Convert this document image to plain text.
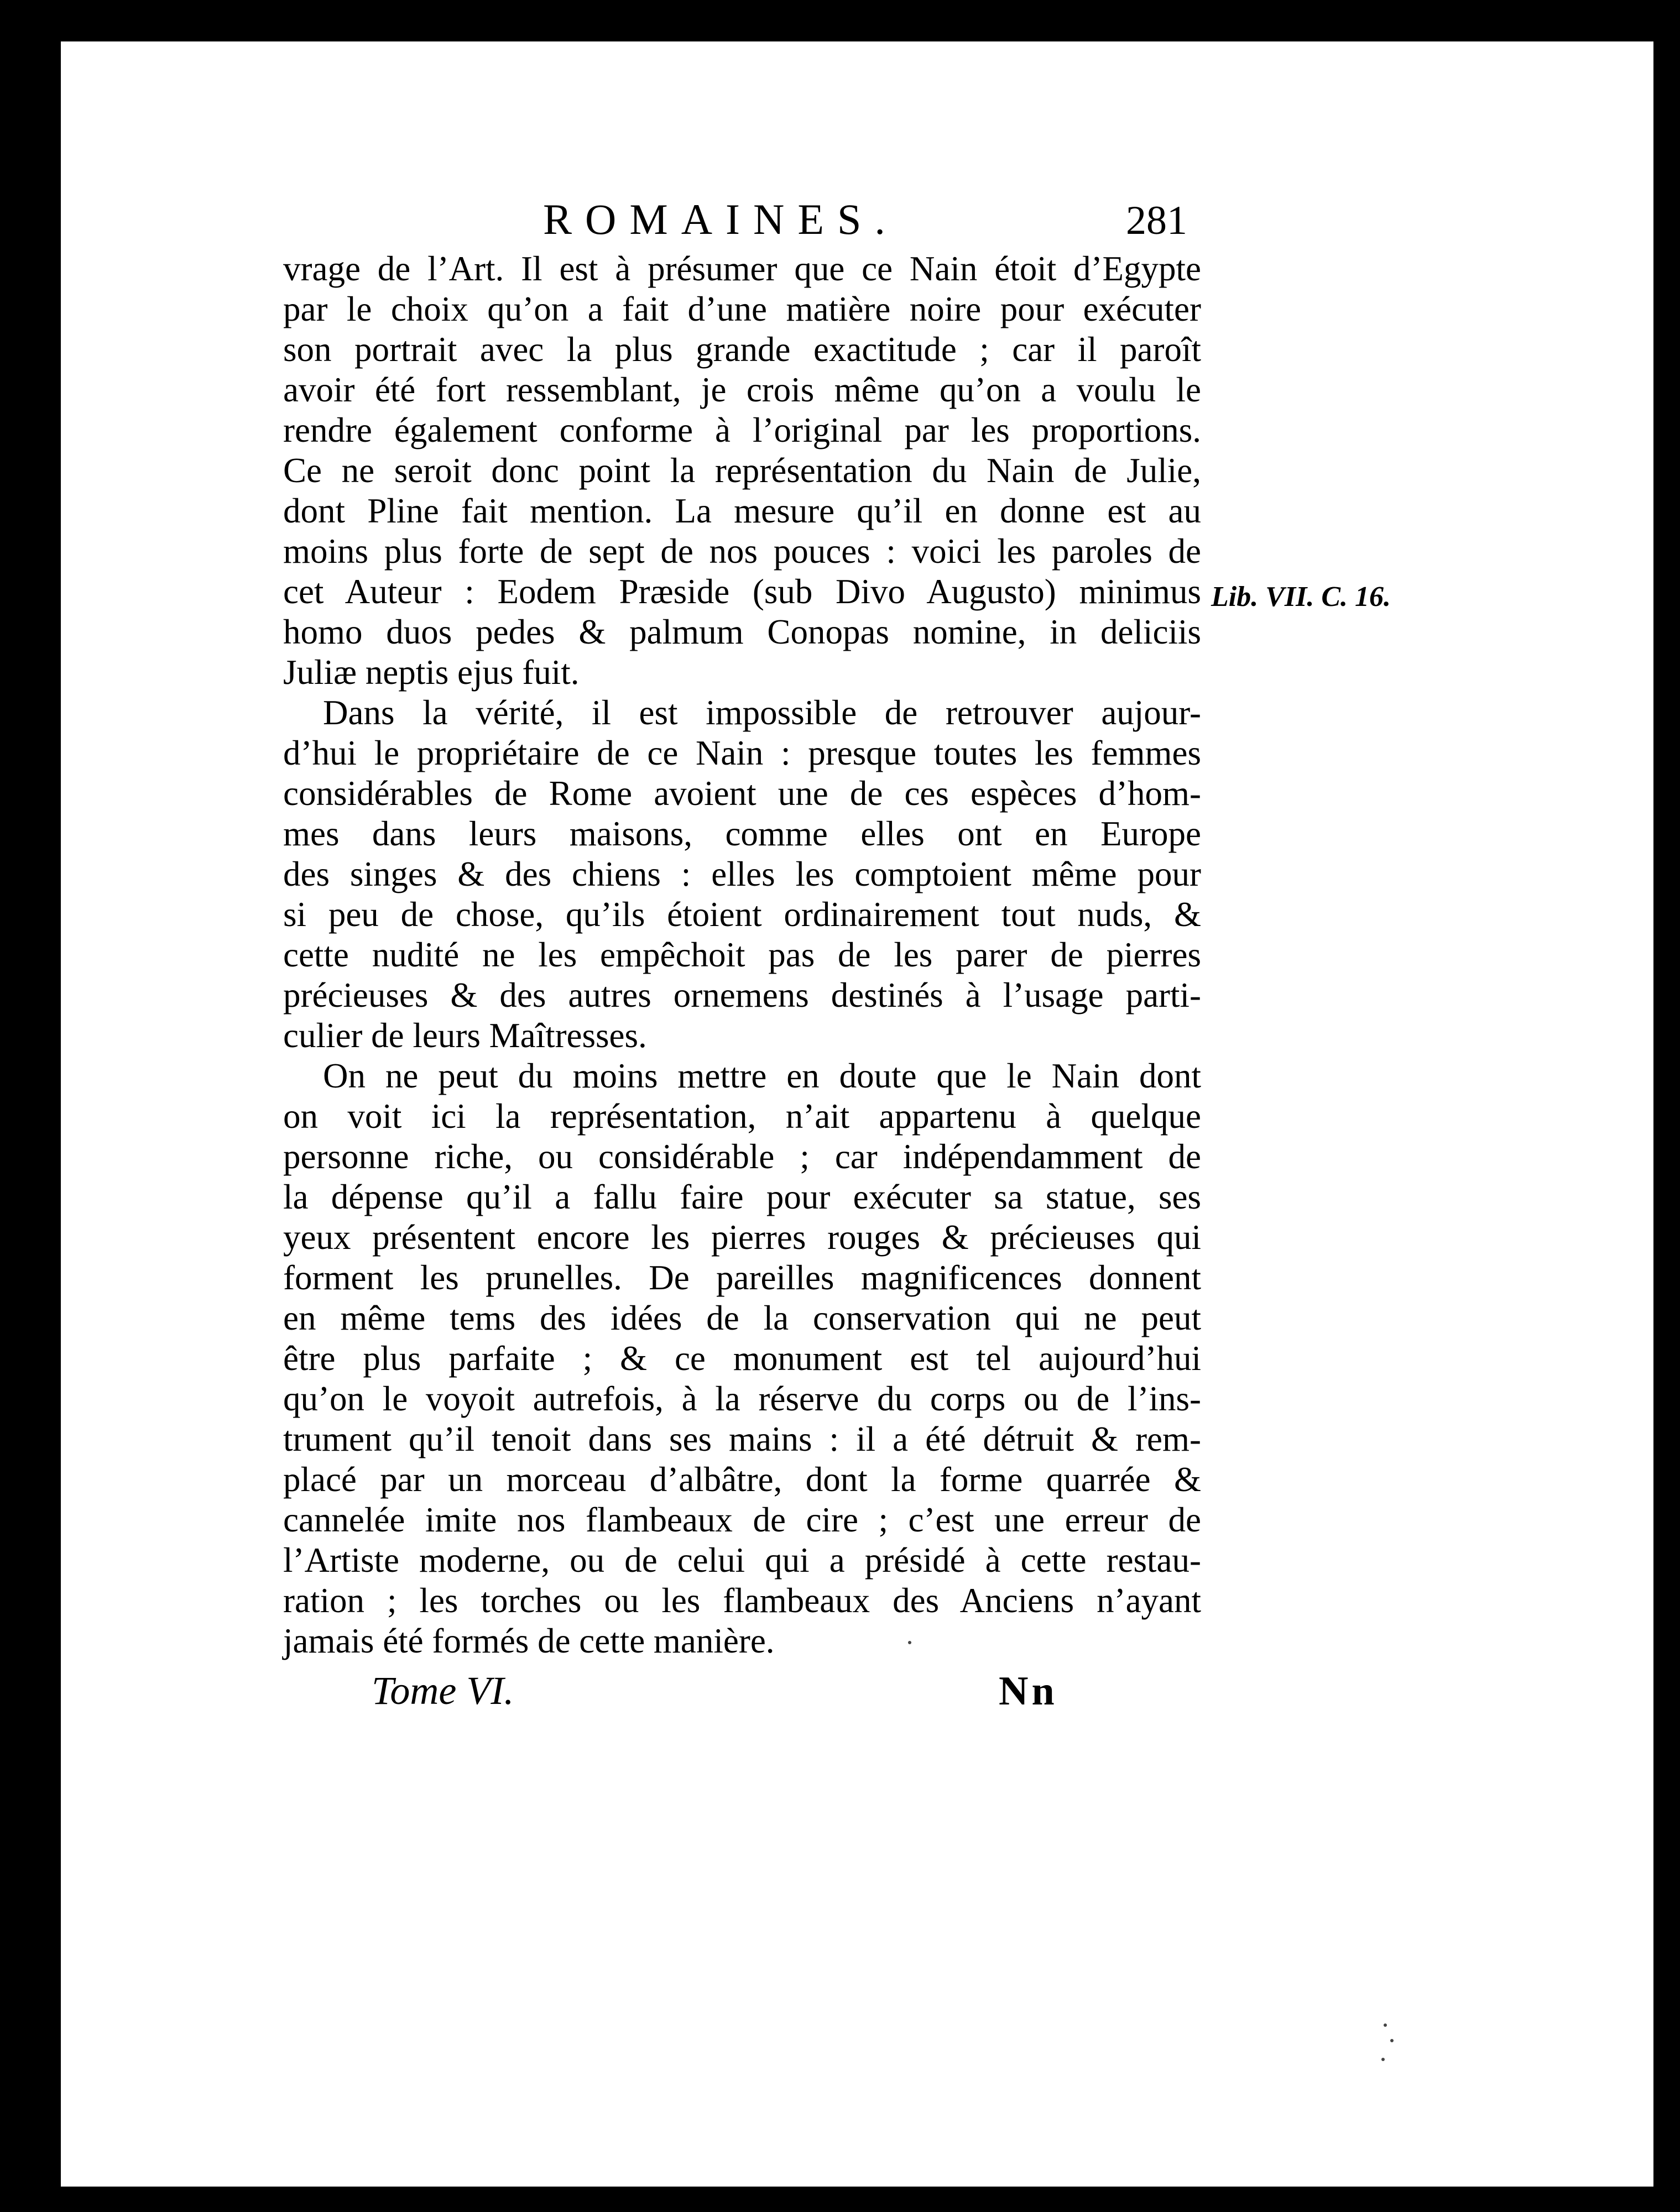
ROMAINES.	281
vrage de l’Art. Il est à présumer que ce Nain étoit d’Egypte
par le choix qu’on a fait d’une matière noire pour exécuter
son portrait avec la plus grande exactitude ; car il paroît
avoir été fort ressemblant, je crois même qu’on a voulu le
rendre également conforme à l’original par les proportions.
Ce ne seroit donc point la représentation du Nain de Julie,
dont Pline fait mention. La mesure qu’il en donne est au
moins plus forte de sept de nos pouces : voici les paroles de
cet Auteur : Eodem Præside (sub Divo Augusto) minimus
homo duos pedes & palmum Conopas nomine, in deliciis
Juliæ neptis ejus fuit.
Dans la vérité, il est impossible de retrouver aujour-
d’hui le propriétaire de ce Nain : presque toutes les femmes
considérables de Rome avoient une de ces espèces d’hom-
mes dans leurs maisons, comme elles ont en Europe
des singes & des chiens : elles les comptoient même pour
si peu de chose, qu’ils étoient ordinairement tout nuds, &
cette nudité ne les empêchoit pas de les parer de pierres
précieuses & des autres ornemens destinés à l’usage parti-
culier de leurs Maîtresses.
On ne peut du moins mettre en doute que le Nain dont
on voit ici la représentation, n’ait appartenu à quelque
personne riche, ou considérable ; car indépendamment de
la dépense qu’il a fallu faire pour exécuter sa statue, ses
yeux présentent encore les pierres rouges & précieuses qui
forment les prunelles. De pareilles magnificences donnent
en même tems des idées de la conservation qui ne peut
être plus parfaite ; & ce monument est tel aujourd’hui
qu’on le voyoit autrefois, à la réserve du corps ou de l’ins-
trument qu’il tenoit dans ses mains : il a été détruit & rem-
placé par un morceau d’albâtre, dont la forme quarrée &
cannelée imite nos flambeaux de cire ; c’est une erreur de
l’Artiste moderne, ou de celui qui a présidé à cette restau-
ration ; les torches ou les flambeaux des Anciens n’ayant
jamais été formés de cette manière.
Lib. VII. C. 16.
Tome VI.	Nn
